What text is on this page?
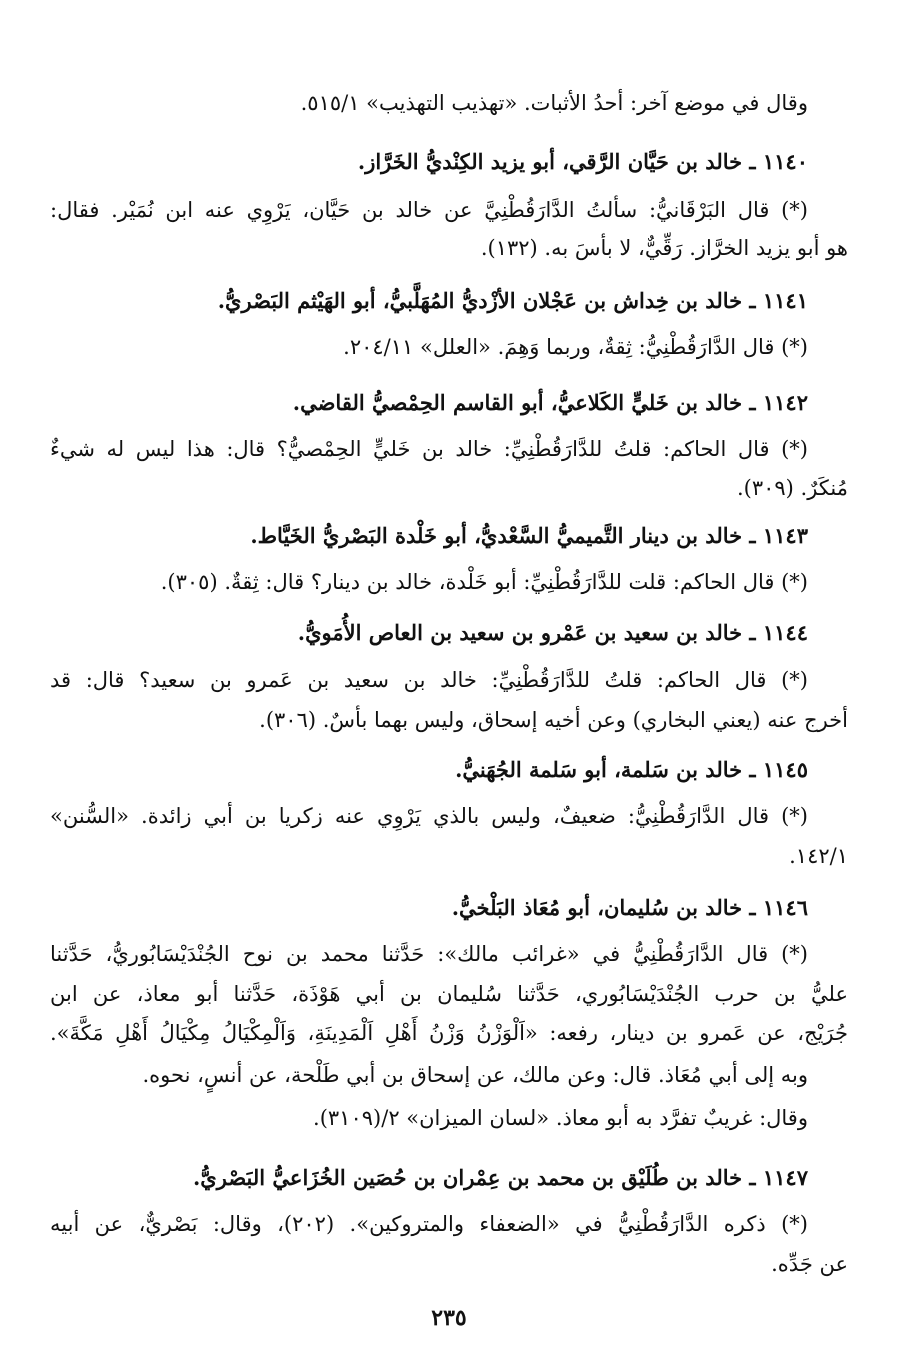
وقال في موضع آخر: أحدُ الأثبات. «تهذيب التهذيب» ٥١٥/١.
١١٤٠ ـ خالد بن حَيَّان الرَّقي، أبو يزيد الكِنْديُّ الخَرَّاز.
(*) قال البَرْقَانيُّ: سألتُ الدَّارَقُطْنِيَّ عن خالد بن حَيَّان، يَرْوِي عنه ابن نُمَيْر. فقال:
هو أبو يزيد الخرَّاز. رَقِّيٌّ، لا بأسَ به. (١٣٢).
١١٤١ ـ خالد بن خِداش بن عَجْلان الأزْديُّ المُهَلَّبيُّ، أبو الهَيْثم البَصْريُّ.
(*) قال الدَّارَقُطْنِيُّ: ثِقةٌ، وربما وَهِمَ. «العلل» ٢٠٤/١١.
١١٤٢ ـ خالد بن خَليٍّ الكَلاعيُّ، أبو القاسم الحِمْصيُّ القاضي.
(*) قال الحاكم: قلتُ للدَّارَقُطْنِيِّ: خالد بن خَليٍّ الحِمْصيُّ؟ قال: هذا ليس له شيءٌ
مُنكَرٌ. (٣٠٩).
١١٤٣ ـ خالد بن دينار التَّميميُّ السَّعْديُّ، أبو خَلْدة البَصْريُّ الخَيَّاط.
(*) قال الحاكم: قلت للدَّارَقُطْنِيِّ: أبو خَلْدة، خالد بن دينار؟ قال: ثِقةٌ. (٣٠٥).
١١٤٤ ـ خالد بن سعيد بن عَمْرو بن سعيد بن العاص الأُمَويُّ.
(*) قال الحاكم: قلتُ للدَّارَقُطْنِيِّ: خالد بن سعيد بن عَمرو بن سعيد؟ قال: قد
أخرج عنه (يعني البخاري) وعن أخيه إسحاق، وليس بهما بأسٌ. (٣٠٦).
١١٤٥ ـ خالد بن سَلمة، أبو سَلمة الجُهَنيُّ.
(*) قال الدَّارَقُطْنِيُّ: ضعيفٌ، وليس بالذي يَرْوِي عنه زكريا بن أبي زائدة. «السُّنن»
١٤٢/١.
١١٤٦ ـ خالد بن سُليمان، أبو مُعَاذ البَلْخيُّ.
(*) قال الدَّارَقُطْنِيُّ في «غرائب مالك»: حَدَّثنا محمد بن نوح الجُنْدَيْسَابُوريُّ، حَدَّثنا
عليُّ بن حرب الجُنْدَيْسَابُوري، حَدَّثنا سُليمان بن أبي هَوْذَة، حَدَّثنا أبو معاذ، عن ابن
جُرَيْج، عن عَمرو بن دينار، رفعه: «اَلْوَزْنُ وَزْنُ أَهْلِ اَلْمَدِينَةِ، وَاَلْمِكْيَالُ مِكْيَالُ أَهْلِ مَكَّةَ».
وبه إلى أبي مُعَاذ. قال: وعن مالك، عن إسحاق بن أبي طَلْحة، عن أنسٍ، نحوه.
وقال: غريبٌ تفرَّد به أبو معاذ. «لسان الميزان» ٢/(٣١٠٩).
١١٤٧ ـ خالد بن طُلَيْق بن محمد بن عِمْران بن حُصَين الخُزَاعيُّ البَصْريُّ.
(*) ذكره الدَّارَقُطْنِيُّ في «الضعفاء والمتروكين». (٢٠٢)، وقال: بَصْريٌّ، عن أبيه
عن جَدِّه.
٢٣٥
